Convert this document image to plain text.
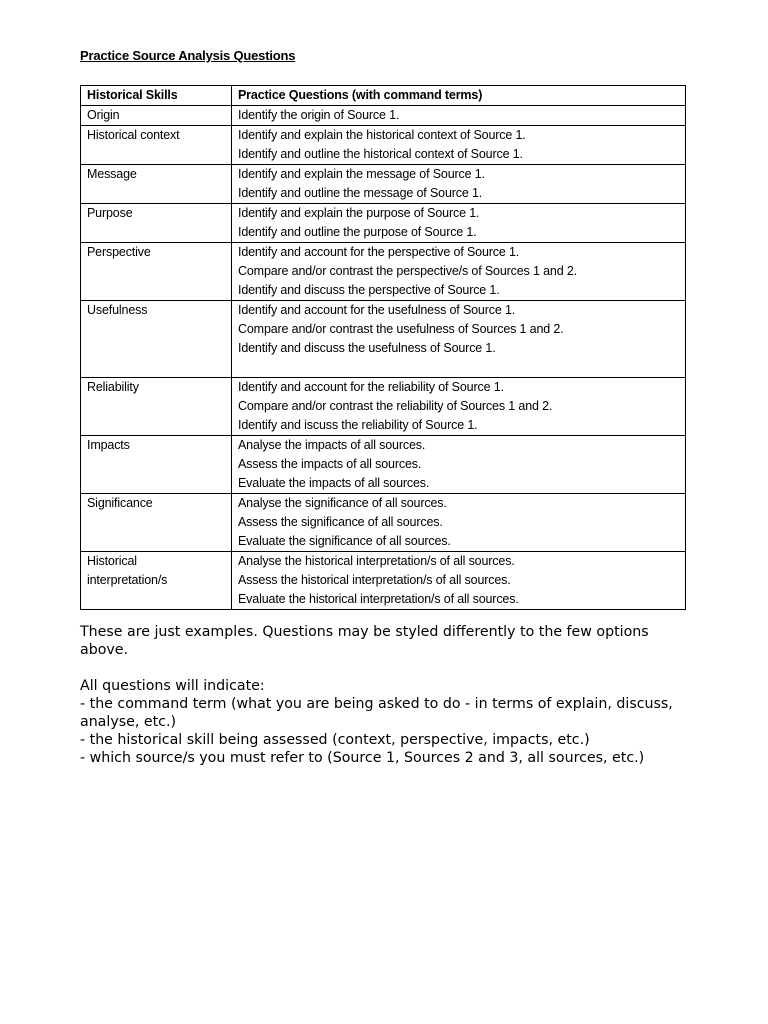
Practice Source Analysis Questions
Historical Skills	Practice Questions (with command terms)

Origin	Identify the origin of Source 1.

Historical context	Identify and explain the historical context of Source 1.
Identify and outline the historical context of Source 1.

Message	Identify and explain the message of Source 1.
Identify and outline the message of Source 1.

Purpose	Identify and explain the purpose of Source 1.
Identify and outline the purpose of Source 1.

Perspective	Identify and account for the perspective of Source 1.
Compare and/or contrast the perspective/s of Sources 1 and 2.
Identify and discuss the perspective of Source 1.

Usefulness	Identify and account for the usefulness of Source 1.
Compare and/or contrast the usefulness of Sources 1 and 2.
Identify and discuss the usefulness of Source 1.

Reliability	Identify and account for the reliability of Source 1.
Compare and/or contrast the reliability of Sources 1 and 2.
Identify and iscuss the reliability of Source 1.

Impacts	Analyse the impacts of all sources.
Assess the impacts of all sources.
Evaluate the impacts of all sources.

Significance	Analyse the significance of all sources.
Assess the significance of all sources.
Evaluate the significance of all sources.

Historical
interpretation/s	Analyse the historical interpretation/s of all sources.
Assess the historical interpretation/s of all sources.
Evaluate the historical interpretation/s of all sources.

These are just examples. Questions may be styled differently to the few options above.

All questions will indicate:

- the command term (what you are being asked to do - in terms of explain, discuss, analyse, etc.)

- the historical skill being assessed (context, perspective, impacts, etc.)

- which source/s you must refer to (Source 1, Sources 2 and 3, all sources, etc.)
